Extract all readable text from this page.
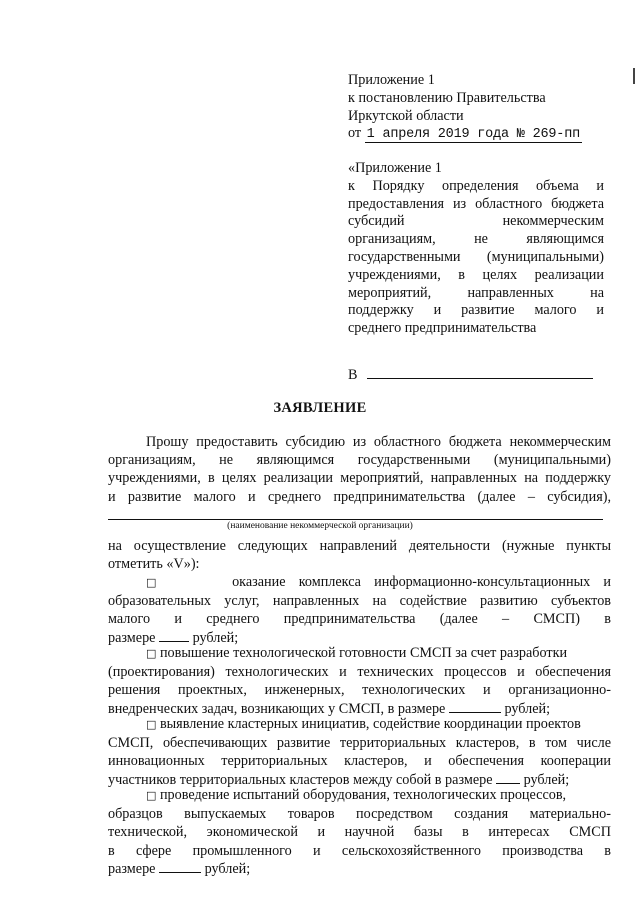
Приложение 1
к постановлению Правительства
Иркутской области
от 1 апреля 2019 года № 269-пп
«Приложение 1
к Порядку определения объема и
предоставления из областного бюджета
субсидий некоммерческим
организациям, не являющимся
государственными (муниципальными)
учреждениями, в целях реализации
мероприятий, направленных на
поддержку и развитие малого и
среднего предпринимательства
В
ЗАЯВЛЕНИЕ
Прошу предоставить субсидию из областного бюджета некоммерческим
организациям, не являющимся государственными (муниципальными)
учреждениями, в целях реализации мероприятий, направленных на поддержку
и развитие малого и среднего предпринимательства (далее – субсидия),
(наименование некоммерческой организации)
на осуществление следующих направлений деятельности (нужные пункты
отметить «V»):
□	оказание комплекса информационно-консультационных и
образовательных услуг, направленных на содействие развитию субъектов
малого и среднего предпринимательства (далее – СМСП) в
размере	рублей;
□ повышение технологической готовности СМСП за счет разработки
(проектирования) технологических и технических процессов и обеспечения
решения проектных, инженерных, технологических и организационно-
внедренческих задач, возникающих у СМСП, в размере	рублей;
□ выявление кластерных инициатив, содействие координации проектов
СМСП, обеспечивающих развитие территориальных кластеров, в том числе
инновационных территориальных кластеров, и обеспечения кооперации
участников территориальных кластеров между собой в размере рублей;
□ проведение испытаний оборудования, технологических процессов,
образцов выпускаемых товаров посредством создания материально-
технической, экономической и научной базы в интересах СМСП
в сфере промышленного и сельскохозяйственного производства в
размере	рублей;
